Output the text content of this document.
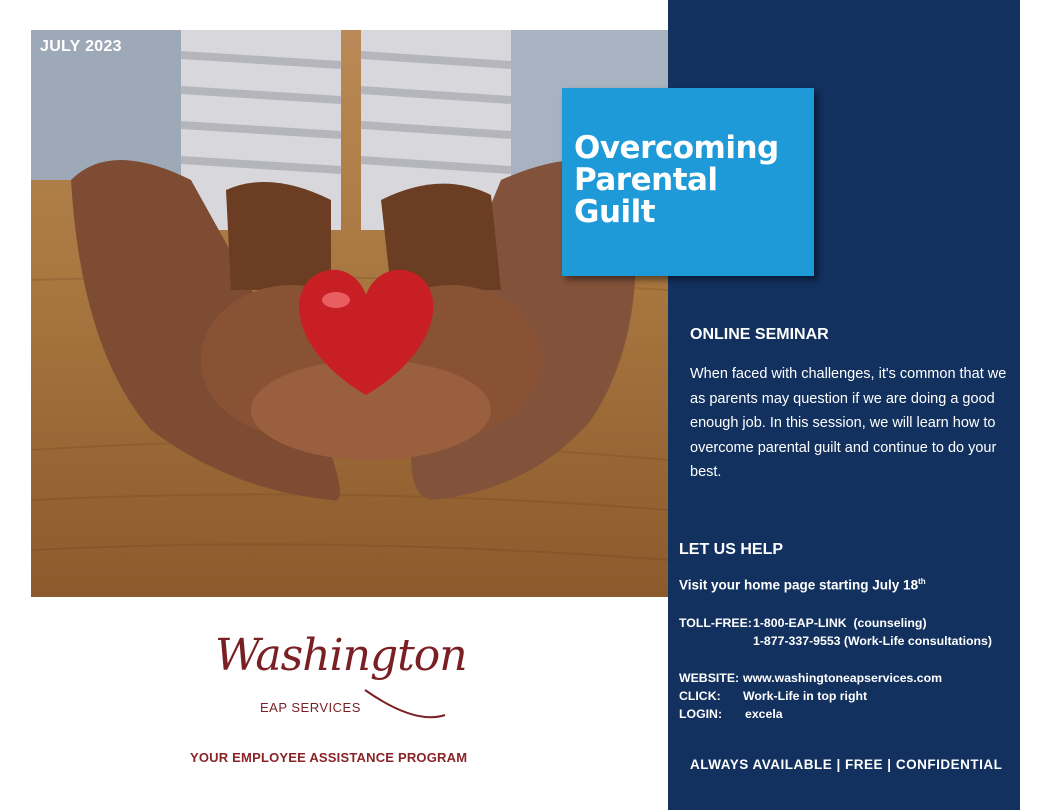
JULY 2023
Overcoming
Parental
Guilt
ONLINE SEMINAR
When faced with challenges, it's common that we as parents may question if we are doing a good enough job. In this session, we will learn how to overcome parental guilt and continue to do your best.
LET US HELP
Visit your home page starting July 18th
TOLL-FREE: 1-800-EAP-LINK  (counseling)
1-877-337-9553 (Work-Life consultations)
WEBSITE: www.washingtoneapservices.com
CLICK: Work-Life in top right
LOGIN: excela
ALWAYS AVAILABLE | FREE | CONFIDENTIAL
Washington
EAP SERVICES
YOUR EMPLOYEE ASSISTANCE PROGRAM
